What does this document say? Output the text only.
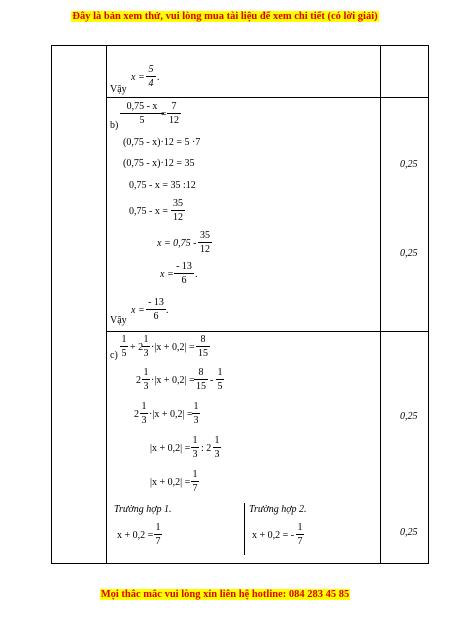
Đây là bản xem thử, vui lòng mua tài liệu để xem chi tiết (có lời giải)
Vậy
$x = \frac{5}{4}$ .
$b) \frac{0,75 - x}{5}$
= $\frac{7}{12}$
(0,75 - x)·12 = 5 ·7
(0,75 - x)·12 = 35
0,75 - x = 35 :12
$0,75 - x = \frac{35}{12}$
$x = 0,75 - \frac{35}{12}$
$x = \frac{- 13}{6}$ .
Vậy
$x = \frac{- 13}{6}$ .
0,25
0,25
$c) \frac{1}{5} + 2$
$\frac{1}{3} \cdot|x + 0,2| = \frac{8}{15}$
$2 \frac{1}{3} \cdot|x + 0,2| = \frac{8}{15} - \frac{1}{5}$
$2 \frac{1}{3} \cdot|x + 0,2| = \frac{1}{3}$
$|x + 0,2| = \frac{1}{3}$ : $2 \frac{1}{3}$
$|x + 0,2| = \frac{1}{7}$
Trường hợp 1.
$x + 0,2 = \frac{1}{7}$
Trường hợp 2.
x + 0,2 = - $\frac{1}{7}$
0,25
0,25
Mọi thắc mắc vui lòng xin liên hệ hotline: 084 283 45 85
